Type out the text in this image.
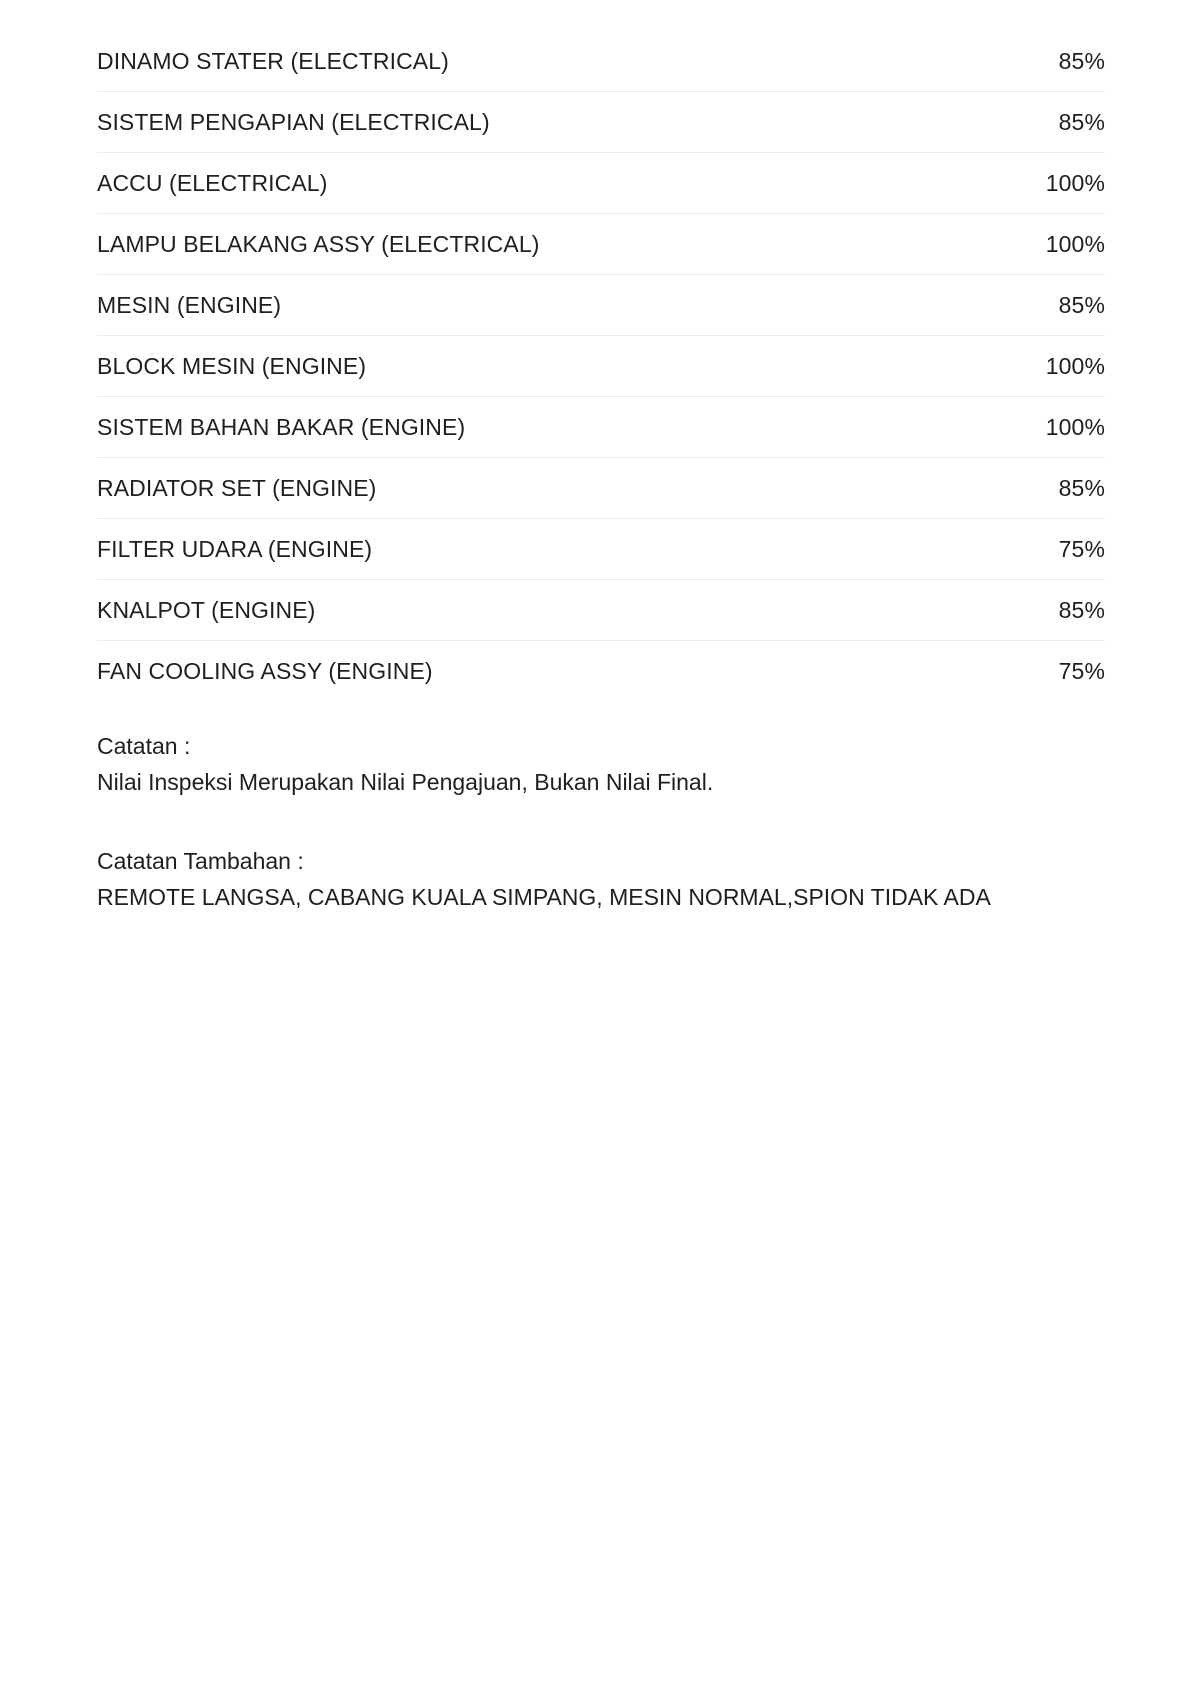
DINAMO STATER (ELECTRICAL)	85%
SISTEM PENGAPIAN (ELECTRICAL)	85%
ACCU (ELECTRICAL)	100%
LAMPU BELAKANG ASSY (ELECTRICAL)	100%
MESIN (ENGINE)	85%
BLOCK MESIN (ENGINE)	100%
SISTEM BAHAN BAKAR (ENGINE)	100%
RADIATOR SET (ENGINE)	85%
FILTER UDARA (ENGINE)	75%
KNALPOT (ENGINE)	85%
FAN COOLING ASSY (ENGINE)	75%
Catatan :
Nilai Inspeksi Merupakan Nilai Pengajuan, Bukan Nilai Final.
Catatan Tambahan :
REMOTE LANGSA, CABANG KUALA SIMPANG, MESIN NORMAL,SPION TIDAK ADA
